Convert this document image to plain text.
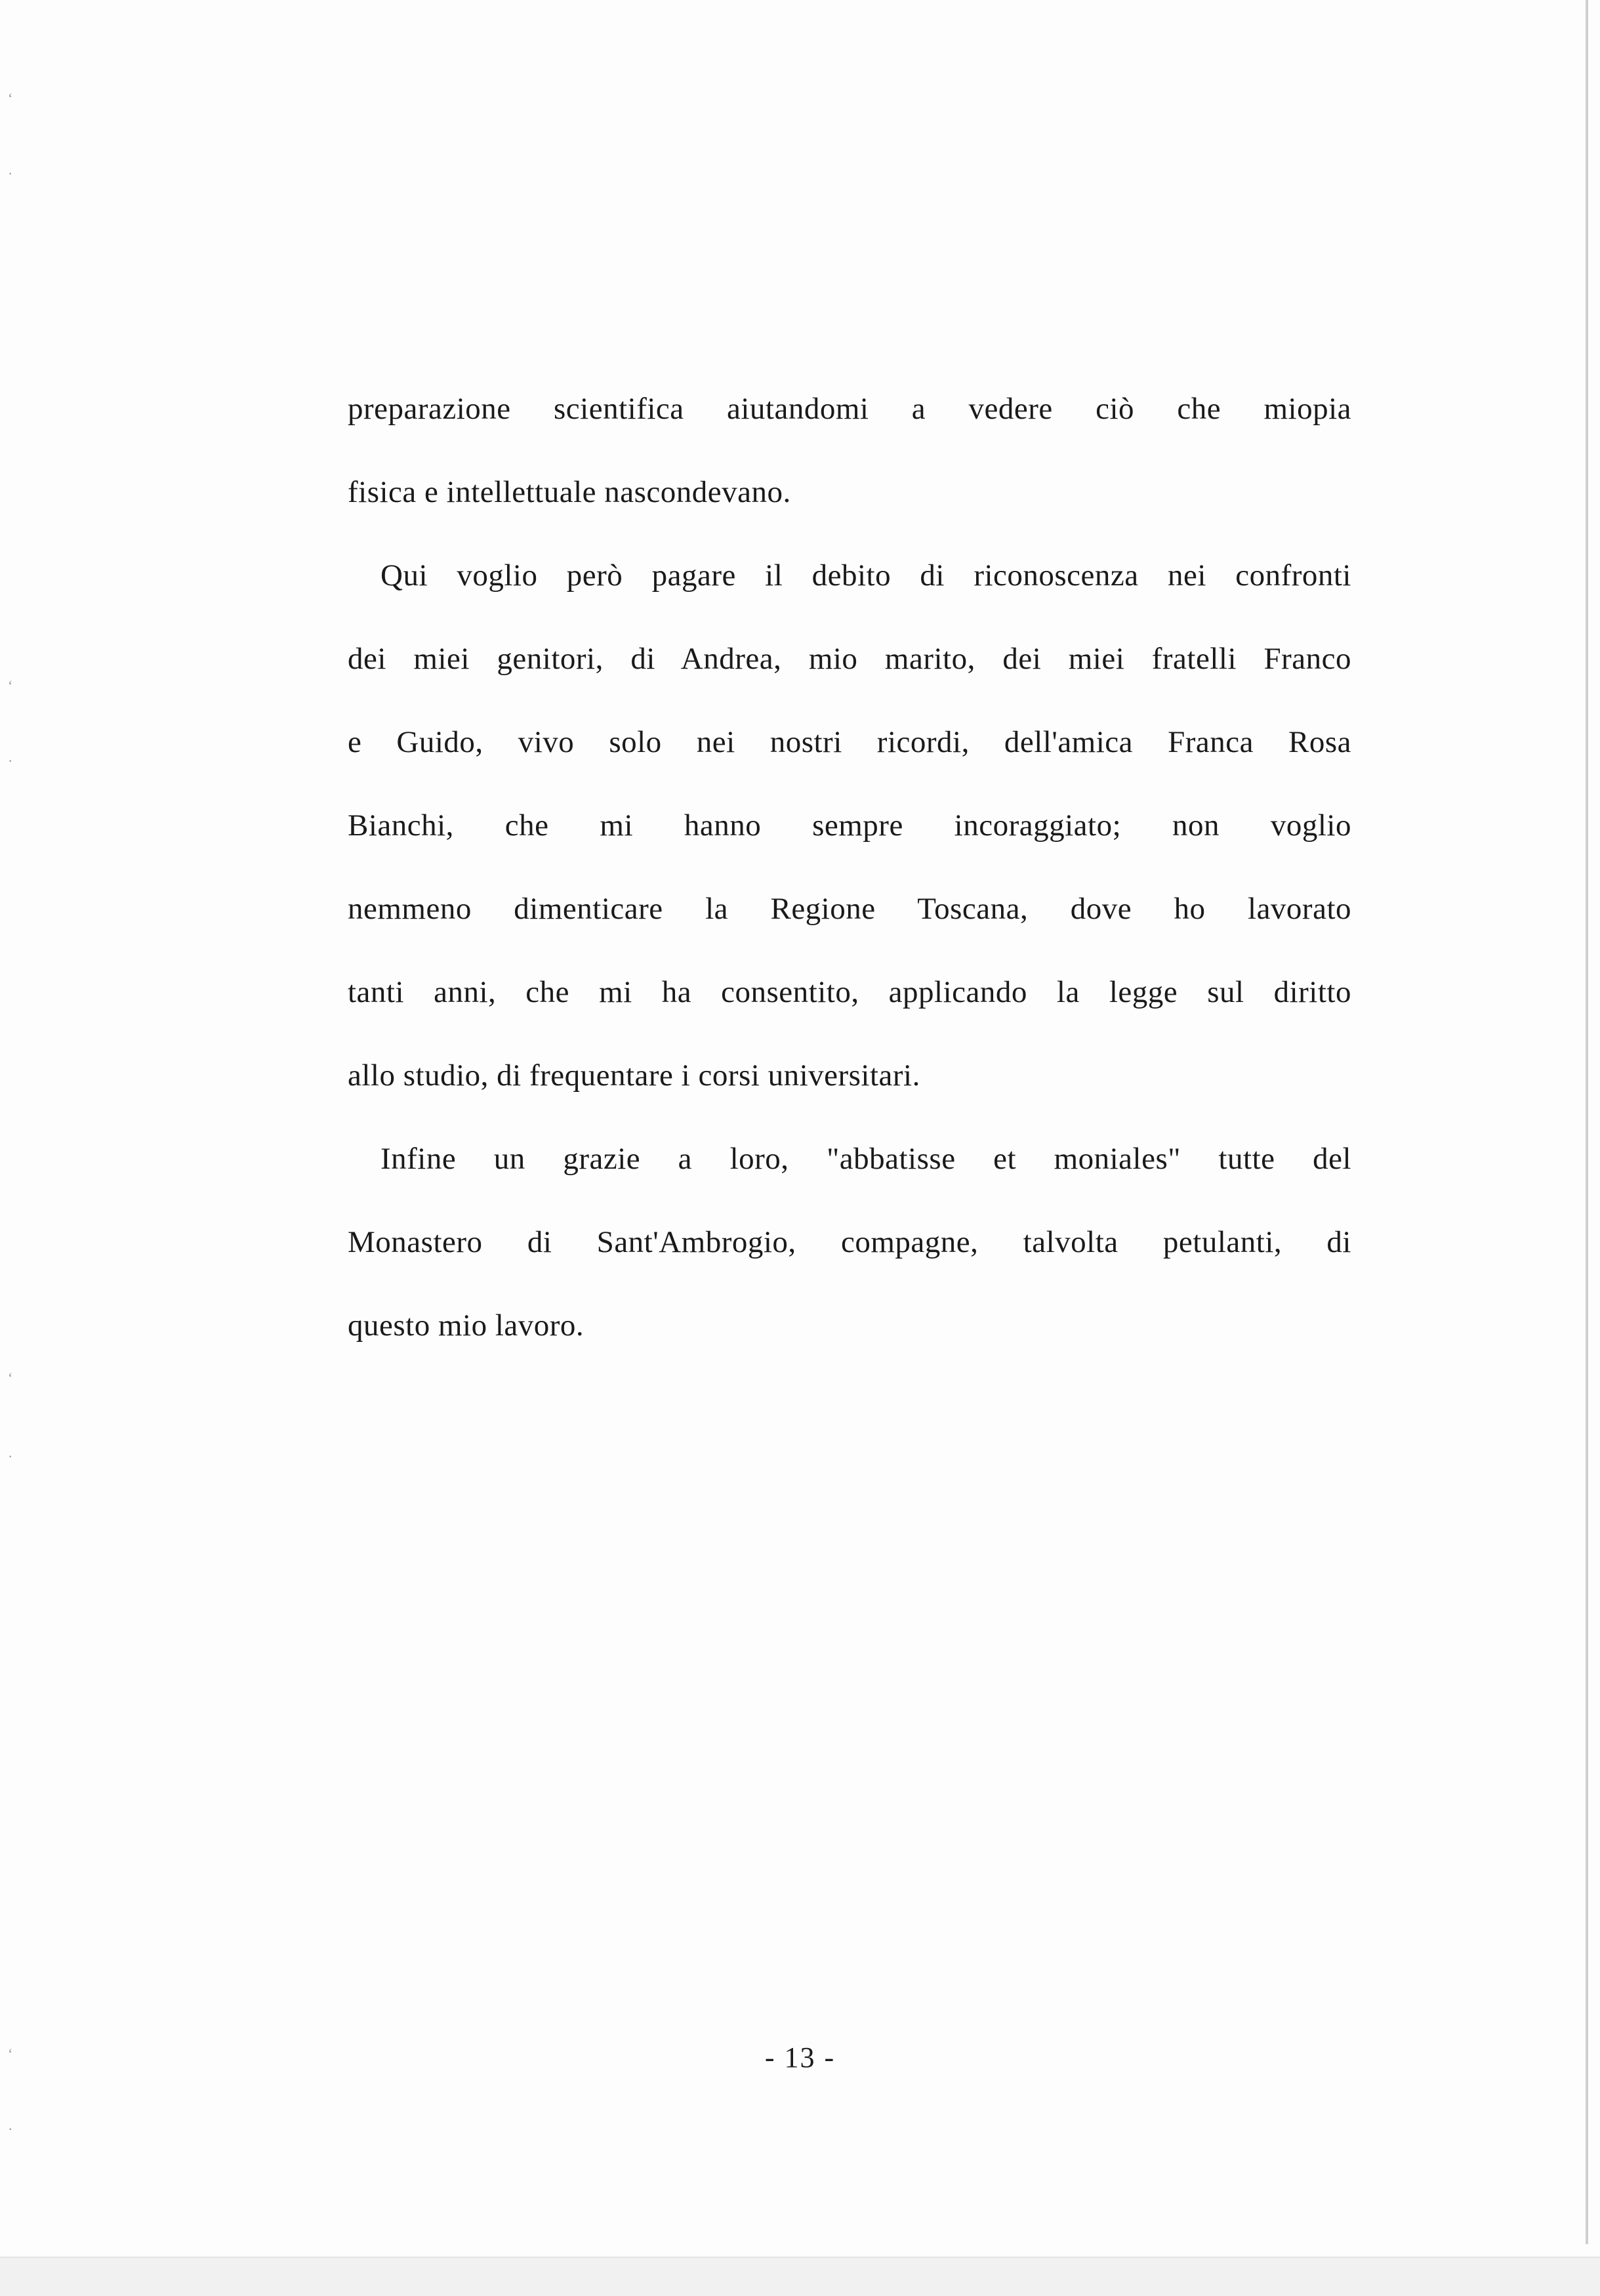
‘
·
‘
·
‘
·
‘
·
preparazione scientifica aiutandomi a vedere ciò che miopia
fisica e intellettuale nascondevano.
Qui voglio però pagare il debito di riconoscenza nei confronti
dei miei genitori, di Andrea, mio marito, dei miei fratelli Franco
e Guido, vivo solo nei nostri ricordi, dell'amica Franca Rosa
Bianchi, che mi hanno sempre incoraggiato; non voglio
nemmeno dimenticare la Regione Toscana, dove ho lavorato
tanti anni, che mi ha consentito, applicando la legge sul diritto
allo studio, di frequentare i corsi universitari.
Infine un grazie a loro, "abbatisse et moniales" tutte del
Monastero di Sant'Ambrogio, compagne, talvolta petulanti, di
questo mio lavoro.
- 13 -
